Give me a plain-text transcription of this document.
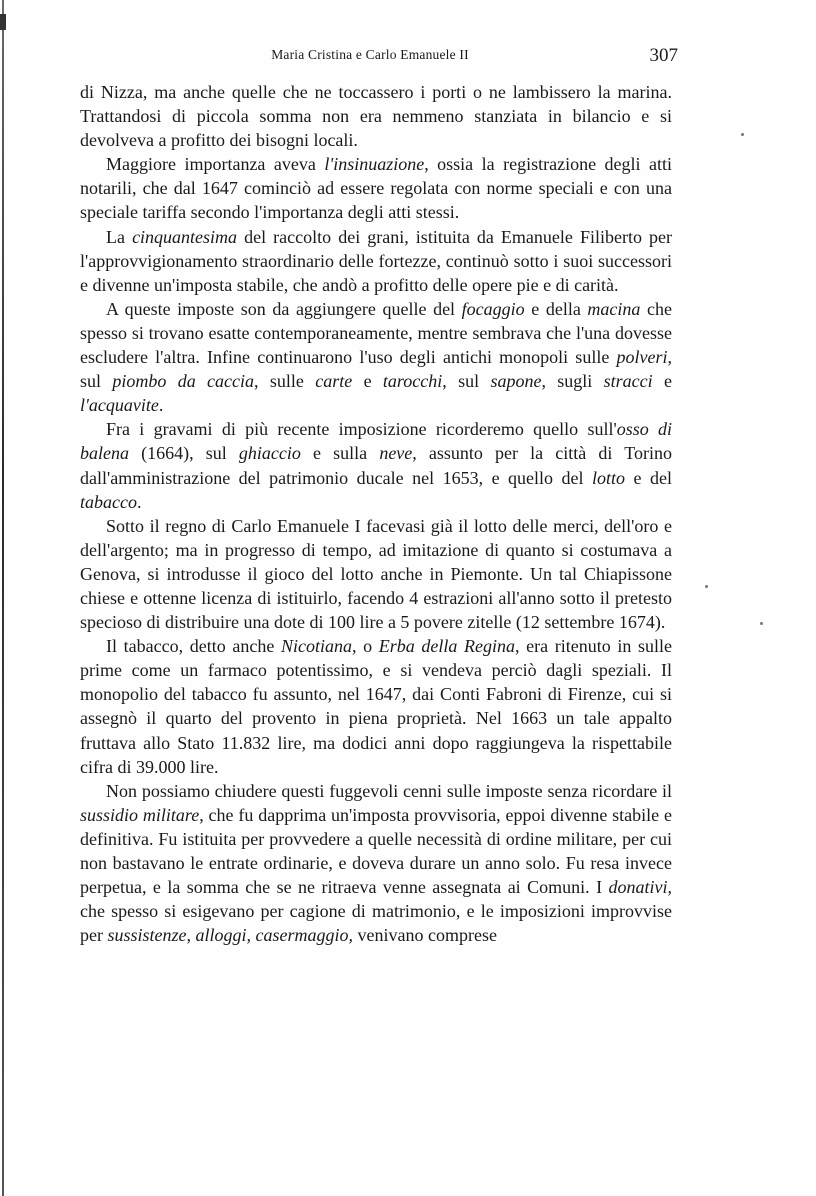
Maria Cristina e Carlo Emanuele II	307

di Nizza, ma anche quelle che ne toccassero i porti o ne lambissero la marina. Trattandosi di piccola somma non era nemmeno stanziata in bilancio e si devolveva a profitto dei bisogni locali.

Maggiore importanza aveva l'insinuazione, ossia la registrazione degli atti notarili, che dal 1647 cominciò ad essere regolata con norme speciali e con una speciale tariffa secondo l'importanza degli atti stessi.

La cinquantesima del raccolto dei grani, istituita da Emanuele Filiberto per l'approvvigionamento straordinario delle fortezze, continuò sotto i suoi successori e divenne un'imposta stabile, che andò a profitto delle opere pie e di carità.

A queste imposte son da aggiungere quelle del focaggio e della macina che spesso si trovano esatte contemporaneamente, mentre sembrava che l'una dovesse escludere l'altra. Infine continuarono l'uso degli antichi monopoli sulle polveri, sul piombo da caccia, sulle carte e tarocchi, sul sapone, sugli stracci e l'acquavite.

Fra i gravami di più recente imposizione ricorderemo quello sull'osso di balena (1664), sul ghiaccio e sulla neve, assunto per la città di Torino dall'amministrazione del patrimonio ducale nel 1653, e quello del lotto e del tabacco.

Sotto il regno di Carlo Emanuele I facevasi già il lotto delle merci, dell'oro e dell'argento; ma in progresso di tempo, ad imitazione di quanto si costumava a Genova, si introdusse il gioco del lotto anche in Piemonte. Un tal Chiapissone chiese e ottenne licenza di istituirlo, facendo 4 estrazioni all'anno sotto il pretesto specioso di distribuire una dote di 100 lire a 5 povere zitelle (12 settembre 1674).

Il tabacco, detto anche Nicotiana, o Erba della Regina, era ritenuto in sulle prime come un farmaco potentissimo, e si vendeva perciò dagli speziali. Il monopolio del tabacco fu assunto, nel 1647, dai Conti Fabroni di Firenze, cui si assegnò il quarto del provento in piena proprietà. Nel 1663 un tale appalto fruttava allo Stato 11.832 lire, ma dodici anni dopo raggiungeva la rispettabile cifra di 39.000 lire.

Non possiamo chiudere questi fuggevoli cenni sulle imposte senza ricordare il sussidio militare, che fu dapprima un'imposta provvisoria, eppoi divenne stabile e definitiva. Fu istituita per provvedere a quelle necessità di ordine militare, per cui non bastavano le entrate ordinarie, e doveva durare un anno solo. Fu resa invece perpetua, e la somma che se ne ritraeva venne assegnata ai Comuni. I donativi, che spesso si esigevano per cagione di matrimonio, e le imposizioni improvvise per sussistenze, alloggi, casermaggio, venivano comprese
